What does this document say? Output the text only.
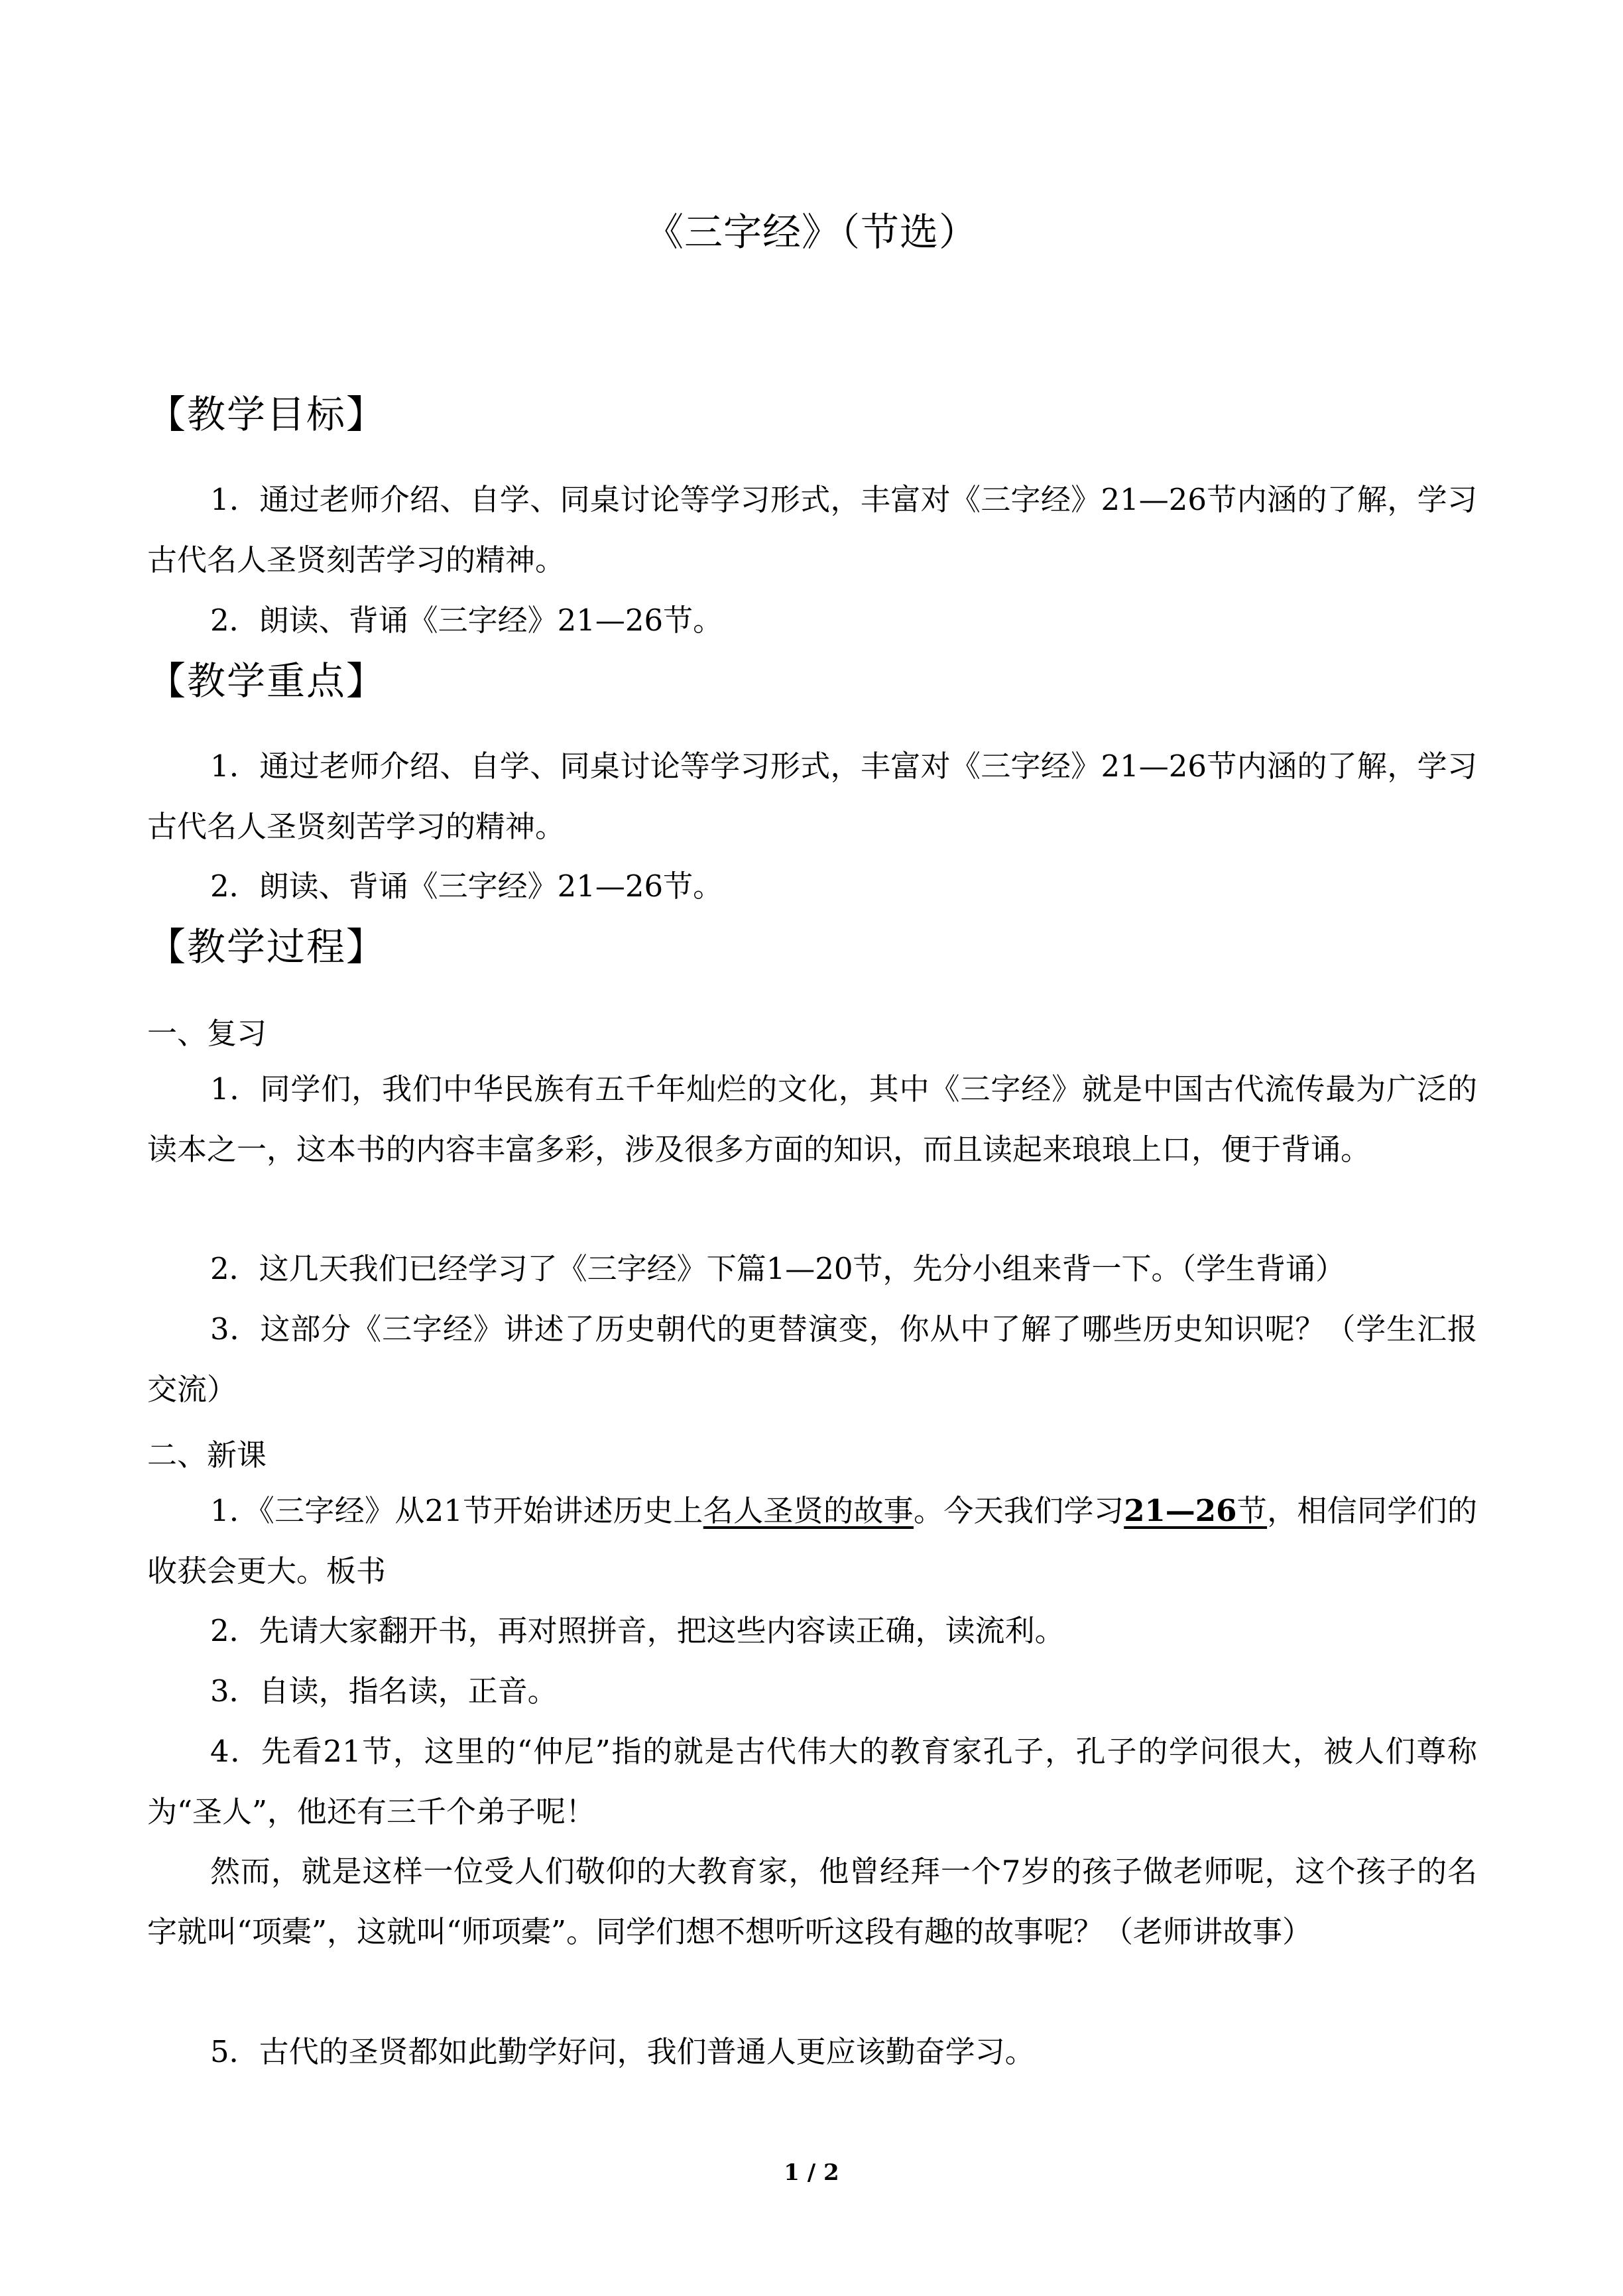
《三字经》（节选）
【教学目标】
1．通过老师介绍、自学、同桌讨论等学习形式，丰富对《三字经》21—26节内涵的了解，学习古代名人圣贤刻苦学习的精神。
2．朗读、背诵《三字经》21—26节。
【教学重点】
1．通过老师介绍、自学、同桌讨论等学习形式，丰富对《三字经》21—26节内涵的了解，学习古代名人圣贤刻苦学习的精神。
2．朗读、背诵《三字经》21—26节。
【教学过程】
一、复习
1．同学们，我们中华民族有五千年灿烂的文化，其中《三字经》就是中国古代流传最为广泛的读本之一，这本书的内容丰富多彩，涉及很多方面的知识，而且读起来琅琅上口，便于背诵。
2．这几天我们已经学习了《三字经》下篇1—20节，先分小组来背一下。（学生背诵）
3．这部分《三字经》讲述了历史朝代的更替演变，你从中了解了哪些历史知识呢？（学生汇报交流）
二、新课
1．《三字经》从21节开始讲述历史上名人圣贤的故事。今天我们学习21—26节，相信同学们的收获会更大。板书
2．先请大家翻开书，再对照拼音，把这些内容读正确，读流利。
3．自读，指名读，正音。
4．先看21节，这里的“仲尼”指的就是古代伟大的教育家孔子，孔子的学问很大，被人们尊称为“圣人”，他还有三千个弟子呢！
然而，就是这样一位受人们敬仰的大教育家，他曾经拜一个7岁的孩子做老师呢，这个孩子的名字就叫“项橐”，这就叫“师项橐”。同学们想不想听听这段有趣的故事呢？（老师讲故事）
5．古代的圣贤都如此勤学好问，我们普通人更应该勤奋学习。
1 / 2
